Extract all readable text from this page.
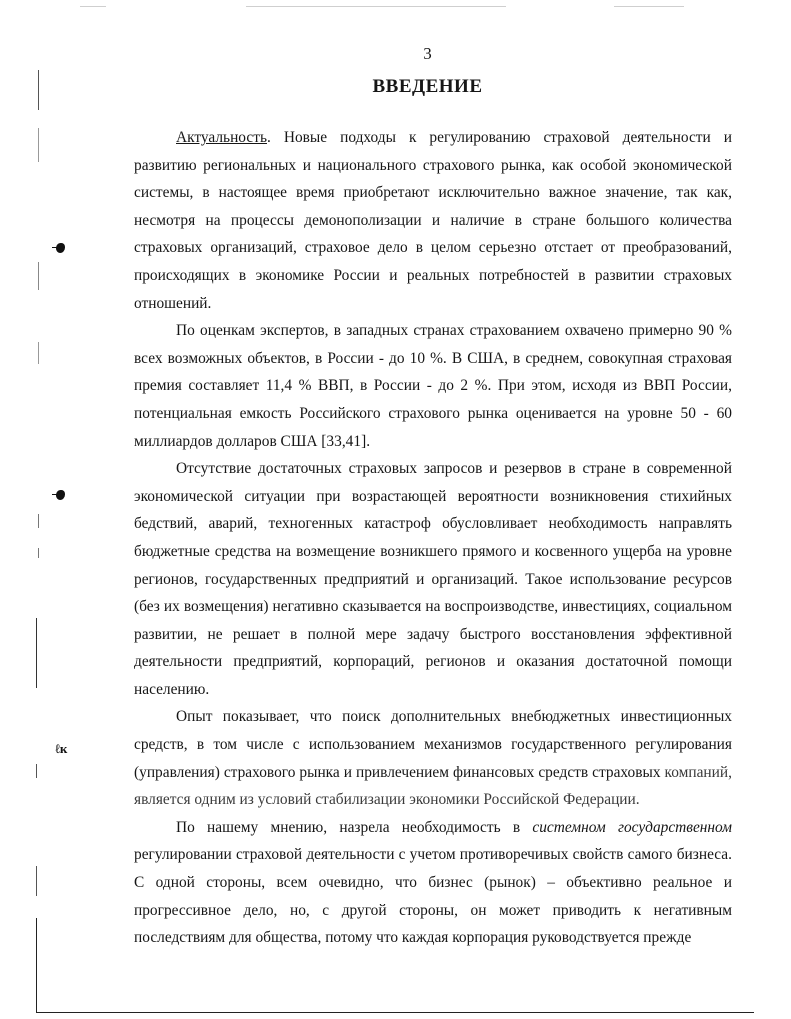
ℓк
3
ВВЕДЕНИЕ

Актуальность. Новые подходы к регулированию страховой деятельности и развитию региональных и национального страхового рынка, как особой экономической системы, в настоящее время приобретают исключительно важное значение, так как, несмотря на процессы демонополизации и наличие в стране большого количества страховых организаций, страховое дело в целом серьезно отстает от преобразований, происходящих в экономике России и реальных потребностей в развитии страховых отношений.

По оценкам экспертов, в западных странах страхованием охвачено примерно 90 % всех возможных объектов, в России - до 10 %. В США, в среднем, совокупная страховая премия составляет 11,4 % ВВП, в России - до 2 %. При этом, исходя из ВВП России, потенциальная емкость Российского страхового рынка оценивается на уровне 50 - 60 миллиардов долларов США [33,41].

Отсутствие достаточных страховых запросов и резервов в стране в современной экономической ситуации при возрастающей вероятности возникновения стихийных бедствий, аварий, техногенных катастроф обусловливает необходимость направлять бюджетные средства на возмещение возникшего прямого и косвенного ущерба на уровне регионов, государственных предприятий и организаций. Такое использование ресурсов (без их возмещения) негативно сказывается на воспроизводстве, инвестициях, социальном развитии, не решает в полной мере задачу быстрого восстановления эффективной деятельности предприятий, корпораций, регионов и оказания достаточной помощи населению.

Опыт показывает, что поиск дополнительных внебюджетных инвестиционных средств, в том числе с использованием механизмов государственного регулирования (управления) страхового рынка и привлечением финансовых средств страховых компаний, является одним из условий стабилизации экономики Российской Федерации.

По нашему мнению, назрела необходимость в системном государственном регулировании страховой деятельности с учетом противоречивых свойств самого бизнеса. С одной стороны, всем очевидно, что бизнес (рынок) – объективно реальное и прогрессивное дело, но, с другой стороны, он может приводить к негативным последствиям для общества, потому что каждая корпорация руководствуется прежде
